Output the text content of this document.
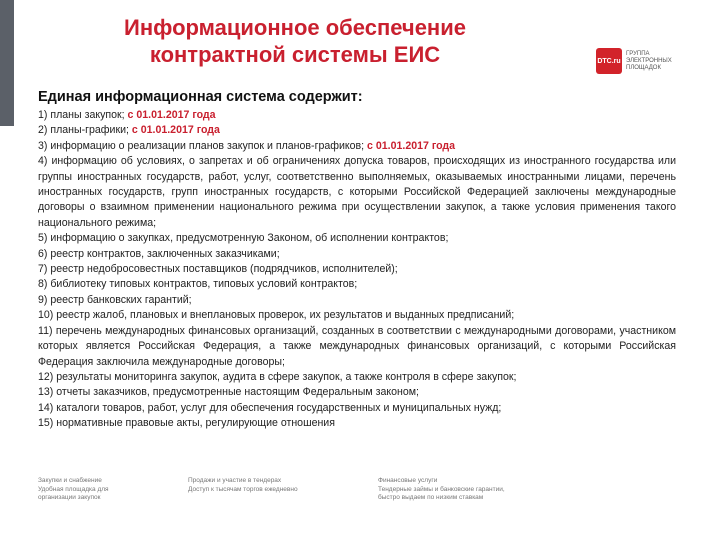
Информационное обеспечение
контрактной системы ЕИС	DTC.ru
ГРУППА
ЭЛЕКТРОННЫХ
ПЛОЩАДОК
Единая информационная система содержит:
1) планы закупок; с 01.01.2017 года
2) планы-графики; с 01.01.2017 года
3) информацию о реализации планов закупок и планов-графиков; с 01.01.2017 года
4) информацию об условиях, о запретах и об ограничениях допуска товаров, происходящих из иностранного государства или группы иностранных государств, работ, услуг, соответственно выполняемых, оказываемых иностранными лицами, перечень иностранных государств, групп иностранных государств, с которыми Российской Федерацией заключены международные договоры о взаимном применении национального режима при осуществлении закупок, а также условия применения такого национального режима;
5) информацию о закупках, предусмотренную Законом, об исполнении контрактов;
6) реестр контрактов, заключенных заказчиками;
7) реестр недобросовестных поставщиков (подрядчиков, исполнителей);
8) библиотеку типовых контрактов, типовых условий контрактов;
9) реестр банковских гарантий;
10) реестр жалоб, плановых и внеплановых проверок, их результатов и выданных предписаний;
11) перечень международных финансовых организаций, созданных в соответствии с международными договорами, участником которых является Российская Федерация, а также международных финансовых организаций, с которыми Российская Федерация заключила международные договоры;
12) результаты мониторинга закупок, аудита в сфере закупок, а также контроля в сфере закупок;
13) отчеты заказчиков, предусмотренные настоящим Федеральным законом;
14) каталоги товаров, работ, услуг для обеспечения государственных и муниципальных нужд;
15) нормативные правовые акты, регулирующие отношения
Закупки и снабжение
Удобная площадка для
организации закупок
Продажи и участие в тендерах
Доступ к тысячам торгов ежедневно
Финансовые услуги
Тендерные займы и банковские гарантии,
быстро выдаем по низким ставкам
